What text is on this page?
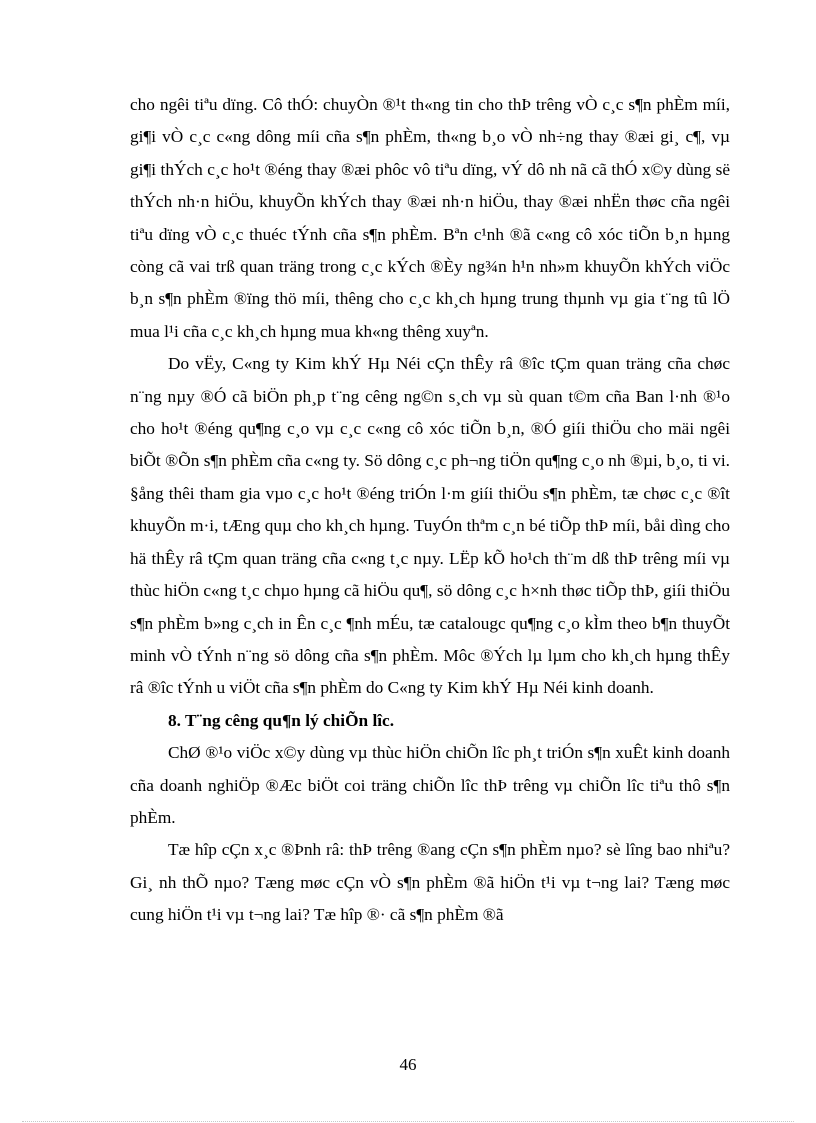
cho ngêi tiªu dïng. Cô thÓ: chuyÒn ®¹t th«ng tin cho thÞ trêng vÒ c¸c s¶n phÈm míi, gi¶i vÒ c¸c c«ng dông míi cña s¶n phÈm, th«ng b¸o vÒ nh÷ng thay ®æi gi¸ c¶, vµ gi¶i thÝch c¸c ho¹t ®éng thay ®æi phôc vô tiªu dïng, vÝ dô nh nã cã thÓ x©y dùng së thÝch nh·n hiÖu, khuyÕn khÝch thay ®æi nh·n hiÖu, thay ®æi nhËn thøc cña ngêi tiªu dïng vÒ c¸c thuéc tÝnh cña s¶n phÈm. Bªn c¹nh ®ã c«ng cô xóc tiÕn b¸n hµng còng cã vai trß quan träng trong c¸c kÝch ®Èy ng¾n h¹n nh»m khuyÕn khÝch viÖc b¸n s¶n phÈm ®ïng thö míi, thêng cho c¸c kh¸ch hµng trung thµnh vµ gia t¨ng tû lÖ mua l¹i cña c¸c kh¸ch hµng mua kh«ng thêng xuyªn.

Do vËy, C«ng ty Kim khÝ Hµ Néi cÇn thÊy râ ®îc tÇm quan träng cña chøc n¨ng nµy ®Ó cã biÖn ph¸p t¨ng cêng ng©n s¸ch vµ sù quan t©m cña Ban l·nh ®¹o cho ho¹t ®éng qu¶ng c¸o vµ c¸c c«ng cô xóc tiÕn b¸n, ®Ó giíi thiÖu cho mäi ngêi biÕt ®Õn s¶n phÈm cña c«ng ty. Sö dông c¸c ph¬ng tiÖn qu¶ng c¸o nh ®µi, b¸o, ti vi. §ång thêi tham gia vµo c¸c ho¹t ®éng triÓn l·m giíi thiÖu s¶n phÈm, tæ chøc c¸c ®ît khuyÕn m·i, tÆng quµ cho kh¸ch hµng. TuyÓn thªm c¸n bé tiÕp thÞ míi, båi dìng cho hä thÊy râ tÇm quan träng cña c«ng t¸c nµy. LËp kÕ ho¹ch th¨m dß thÞ trêng míi vµ thùc hiÖn c«ng t¸c chµo hµng cã hiÖu qu¶, sö dông c¸c h×nh thøc tiÕp thÞ, giíi thiÖu s¶n phÈm b»ng c¸ch in Ên c¸c ¶nh mÉu, tæ catalougc qu¶ng c¸o kÌm theo b¶n thuyÕt minh vÒ tÝnh n¨ng sö dông cña s¶n phÈm. Môc ®Ých lµ lµm cho kh¸ch hµng thÊy râ ®îc tÝnh u viÖt cña s¶n phÈm do C«ng ty Kim khÝ Hµ Néi kinh doanh.

8. T¨ng cêng qu¶n lý chiÕn lîc.

ChØ ®¹o viÖc x©y dùng vµ thùc hiÖn chiÕn lîc ph¸t triÓn s¶n xuÊt kinh doanh cña doanh nghiÖp ®Æc biÖt coi träng chiÕn lîc thÞ trêng vµ chiÕn lîc tiªu thô s¶n phÈm.

Tæ hîp cÇn x¸c ®Þnh râ: thÞ trêng ®ang cÇn s¶n phÈm nµo? sè lîng bao nhiªu? Gi¸ nh thÕ nµo? Tæng møc cÇn vÒ s¶n phÈm ®ã hiÖn t¹i vµ t¬ng lai? Tæng møc cung hiÖn t¹i vµ t¬ng lai? Tæ hîp ®· cã s¶n phÈm ®ã

46
